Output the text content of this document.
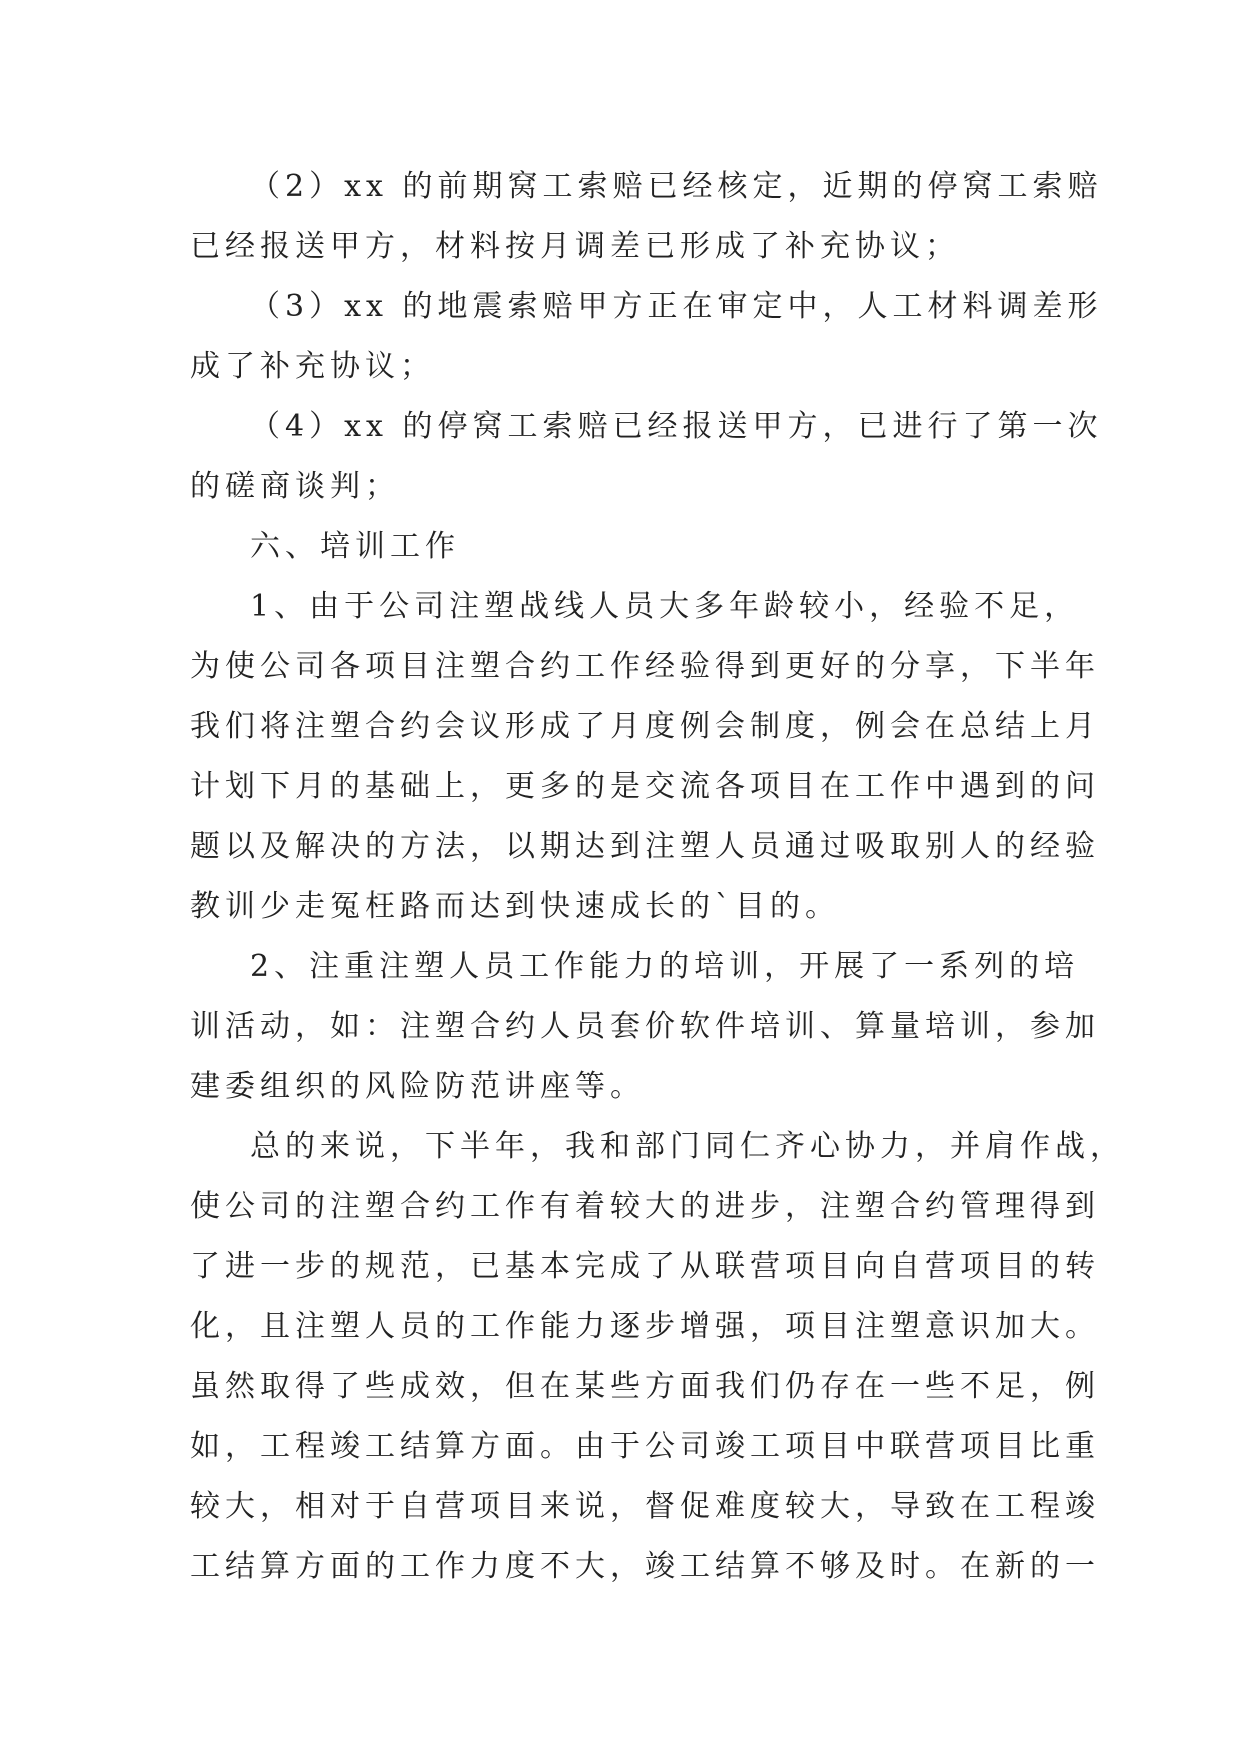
（2）xx 的前期窝工索赔已经核定，近期的停窝工索赔
已经报送甲方，材料按月调差已形成了补充协议；
（3）xx 的地震索赔甲方正在审定中，人工材料调差形
成了补充协议；
（4）xx 的停窝工索赔已经报送甲方，已进行了第一次
的磋商谈判；
六、培训工作
1、由于公司注塑战线人员大多年龄较小，经验不足，
为使公司各项目注塑合约工作经验得到更好的分享，下半年
我们将注塑合约会议形成了月度例会制度，例会在总结上月
计划下月的基础上，更多的是交流各项目在工作中遇到的问
题以及解决的方法，以期达到注塑人员通过吸取别人的经验
教训少走冤枉路而达到快速成长的`目的。
2、注重注塑人员工作能力的培训，开展了一系列的培
训活动，如：注塑合约人员套价软件培训、算量培训，参加
建委组织的风险防范讲座等。
总的来说，下半年，我和部门同仁齐心协力，并肩作战，
使公司的注塑合约工作有着较大的进步，注塑合约管理得到
了进一步的规范，已基本完成了从联营项目向自营项目的转
化，且注塑人员的工作能力逐步增强，项目注塑意识加大。
虽然取得了些成效，但在某些方面我们仍存在一些不足，例
如，工程竣工结算方面。由于公司竣工项目中联营项目比重
较大，相对于自营项目来说，督促难度较大，导致在工程竣
工结算方面的工作力度不大，竣工结算不够及时。在新的一
